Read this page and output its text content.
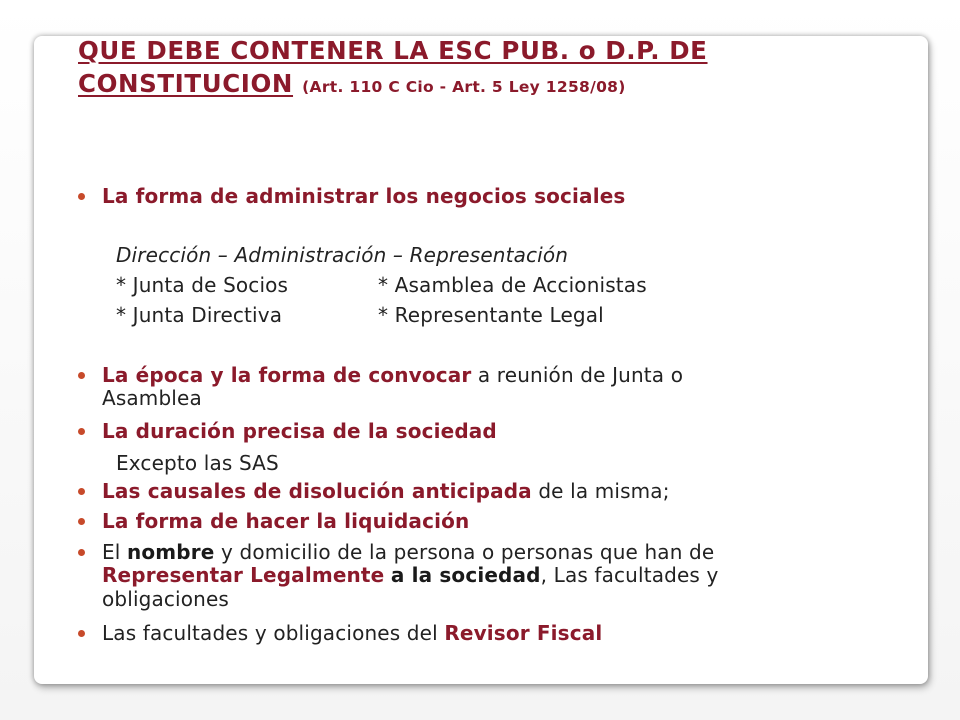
QUE DEBE CONTENER LA ESC PUB. o D.P. DE
CONSTITUCION (Art. 110 C Cio - Art. 5 Ley 1258/08)
La forma de administrar los negocios sociales
Dirección – Administración – Representación
* Junta de Socios	* Asamblea de Accionistas
* Junta Directiva	* Representante Legal
La época y la forma de convocar a reunión de Junta o
Asamblea
La duración precisa de la sociedad
Excepto las SAS
Las causales de disolución anticipada de la misma;
La forma de hacer la liquidación
El nombre y domicilio de la persona o personas que han de
Representar Legalmente a la sociedad, Las facultades y
obligaciones
Las facultades y obligaciones del Revisor Fiscal
